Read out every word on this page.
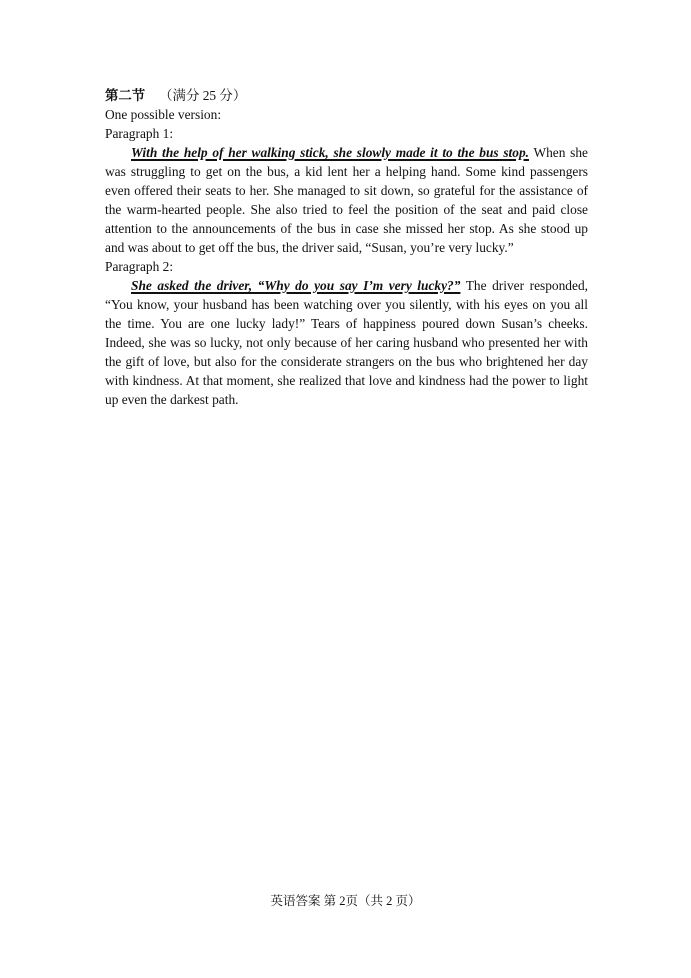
第二节 （满分 25 分）

One possible version:

Paragraph 1:

With the help of her walking stick, she slowly made it to the bus stop. When she was struggling to get on the bus, a kid lent her a helping hand. Some kind passengers even offered their seats to her. She managed to sit down, so grateful for the assistance of the warm-hearted people. She also tried to feel the position of the seat and paid close attention to the announcements of the bus in case she missed her stop. As she stood up and was about to get off the bus, the driver said, “Susan, you’re very lucky.”

Paragraph 2:

She asked the driver, “Why do you say I’m very lucky?” The driver responded, “You know, your husband has been watching over you silently, with his eyes on you all the time. You are one lucky lady!” Tears of happiness poured down Susan’s cheeks. Indeed, she was so lucky, not only because of her caring husband who presented her with the gift of love, but also for the considerate strangers on the bus who brightened her day with kindness. At that moment, she realized that love and kindness had the power to light up even the darkest path.

英语答案 第 2页（共 2 页）
